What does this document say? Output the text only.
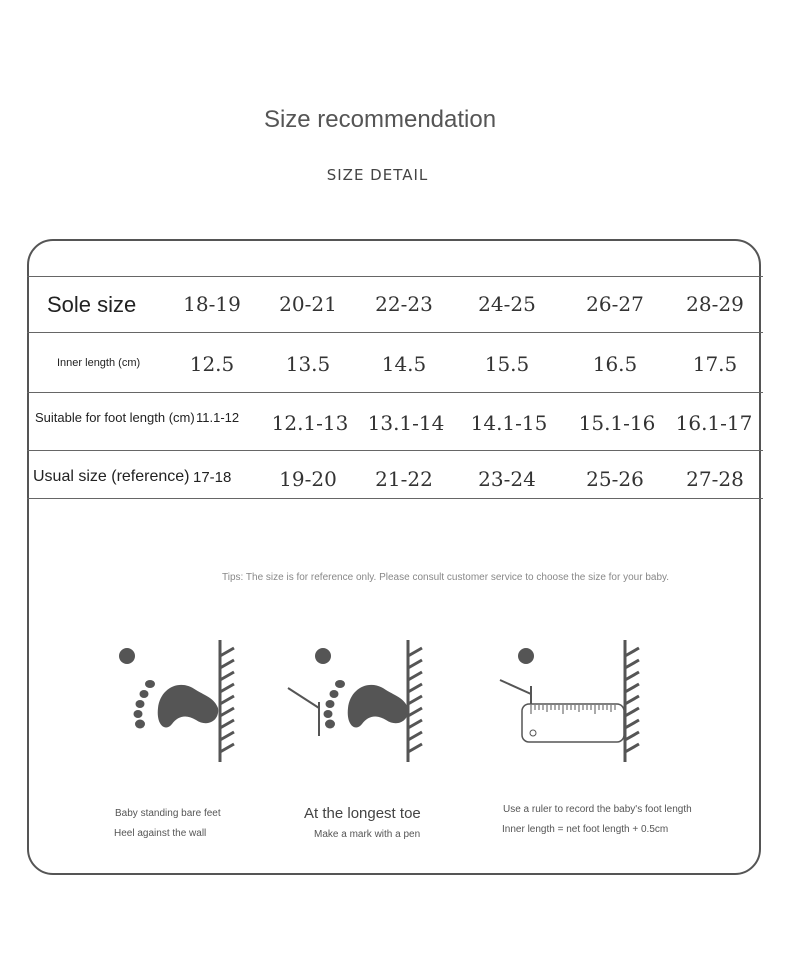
Size recommendation
SIZE DETAIL
Sole size 18-19 20-21 22-23 24-25	26-27 28-29
Inner length (cm) 12.5	13.5	14.5	15.5	16.5	17.5
Suitable for foot length (cm) 11.1-12 12.1-13 13.1-14 14.1-15 15.1-16 16.1-17
Usual size (reference) 17-18 19-20 21-22 23-24	25-26 27-28
Tips: The size is for reference only. Please consult customer service to choose the size for your baby.
Baby standing bare feet
Heel against the wall
At the longest toe
Make a mark with a pen
Use a ruler to record the baby's foot length
Inner length = net foot length + 0.5cm
